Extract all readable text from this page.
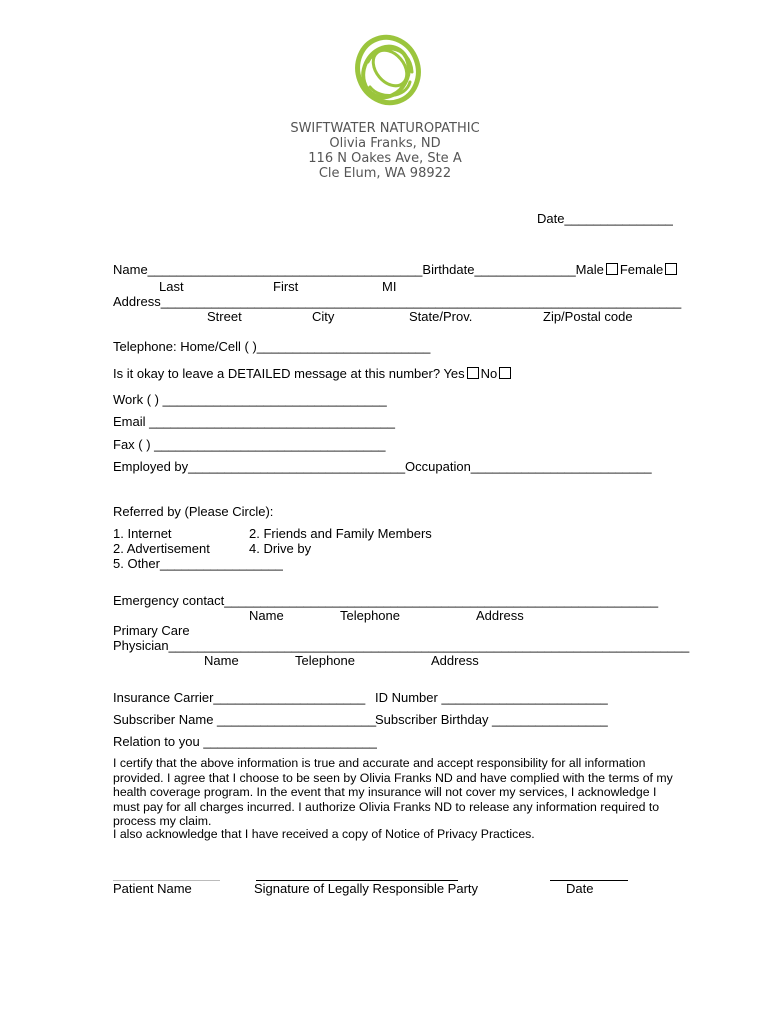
SWIFTWATER NATUROPATHIC
Olivia Franks, ND
116 N Oakes Ave, Ste A
Cle Elum, WA 98922
Date_______________
Name______________________________________Birthdate______________Male Female
Last	First	MI
Address________________________________________________________________________
Street	City	State/Prov.	Zip/Postal code
Telephone: Home/Cell ( )________________________
Is it okay to leave a DETAILED message at this number? Yes No
Work ( ) _______________________________
Email __________________________________
Fax ( ) ________________________________
Employed by______________________________Occupation_________________________
Referred by (Please Circle):
1. Internet	2. Friends and Family Members
2. Advertisement	4. Drive by
5. Other_________________
Emergency contact____________________________________________________________
Name	Telephone	Address
Primary Care
Physician________________________________________________________________________
Name	Telephone	Address
Insurance Carrier_____________________ ID Number _______________________
Subscriber Name ______________________
Subscriber Birthday ________________
Relation to you ________________________
I certify that the above information is true and accurate and accept responsibility for all information provided. I agree that I choose to be seen by Olivia Franks ND and have complied with the terms of my health coverage program. In the event that my insurance will not cover my services, I acknowledge I must pay for all charges incurred. I authorize Olivia Franks ND to release any information required to process my claim.
I also acknowledge that I have received a copy of Notice of Privacy Practices.
Patient Name	Signature of Legally Responsible Party	Date
